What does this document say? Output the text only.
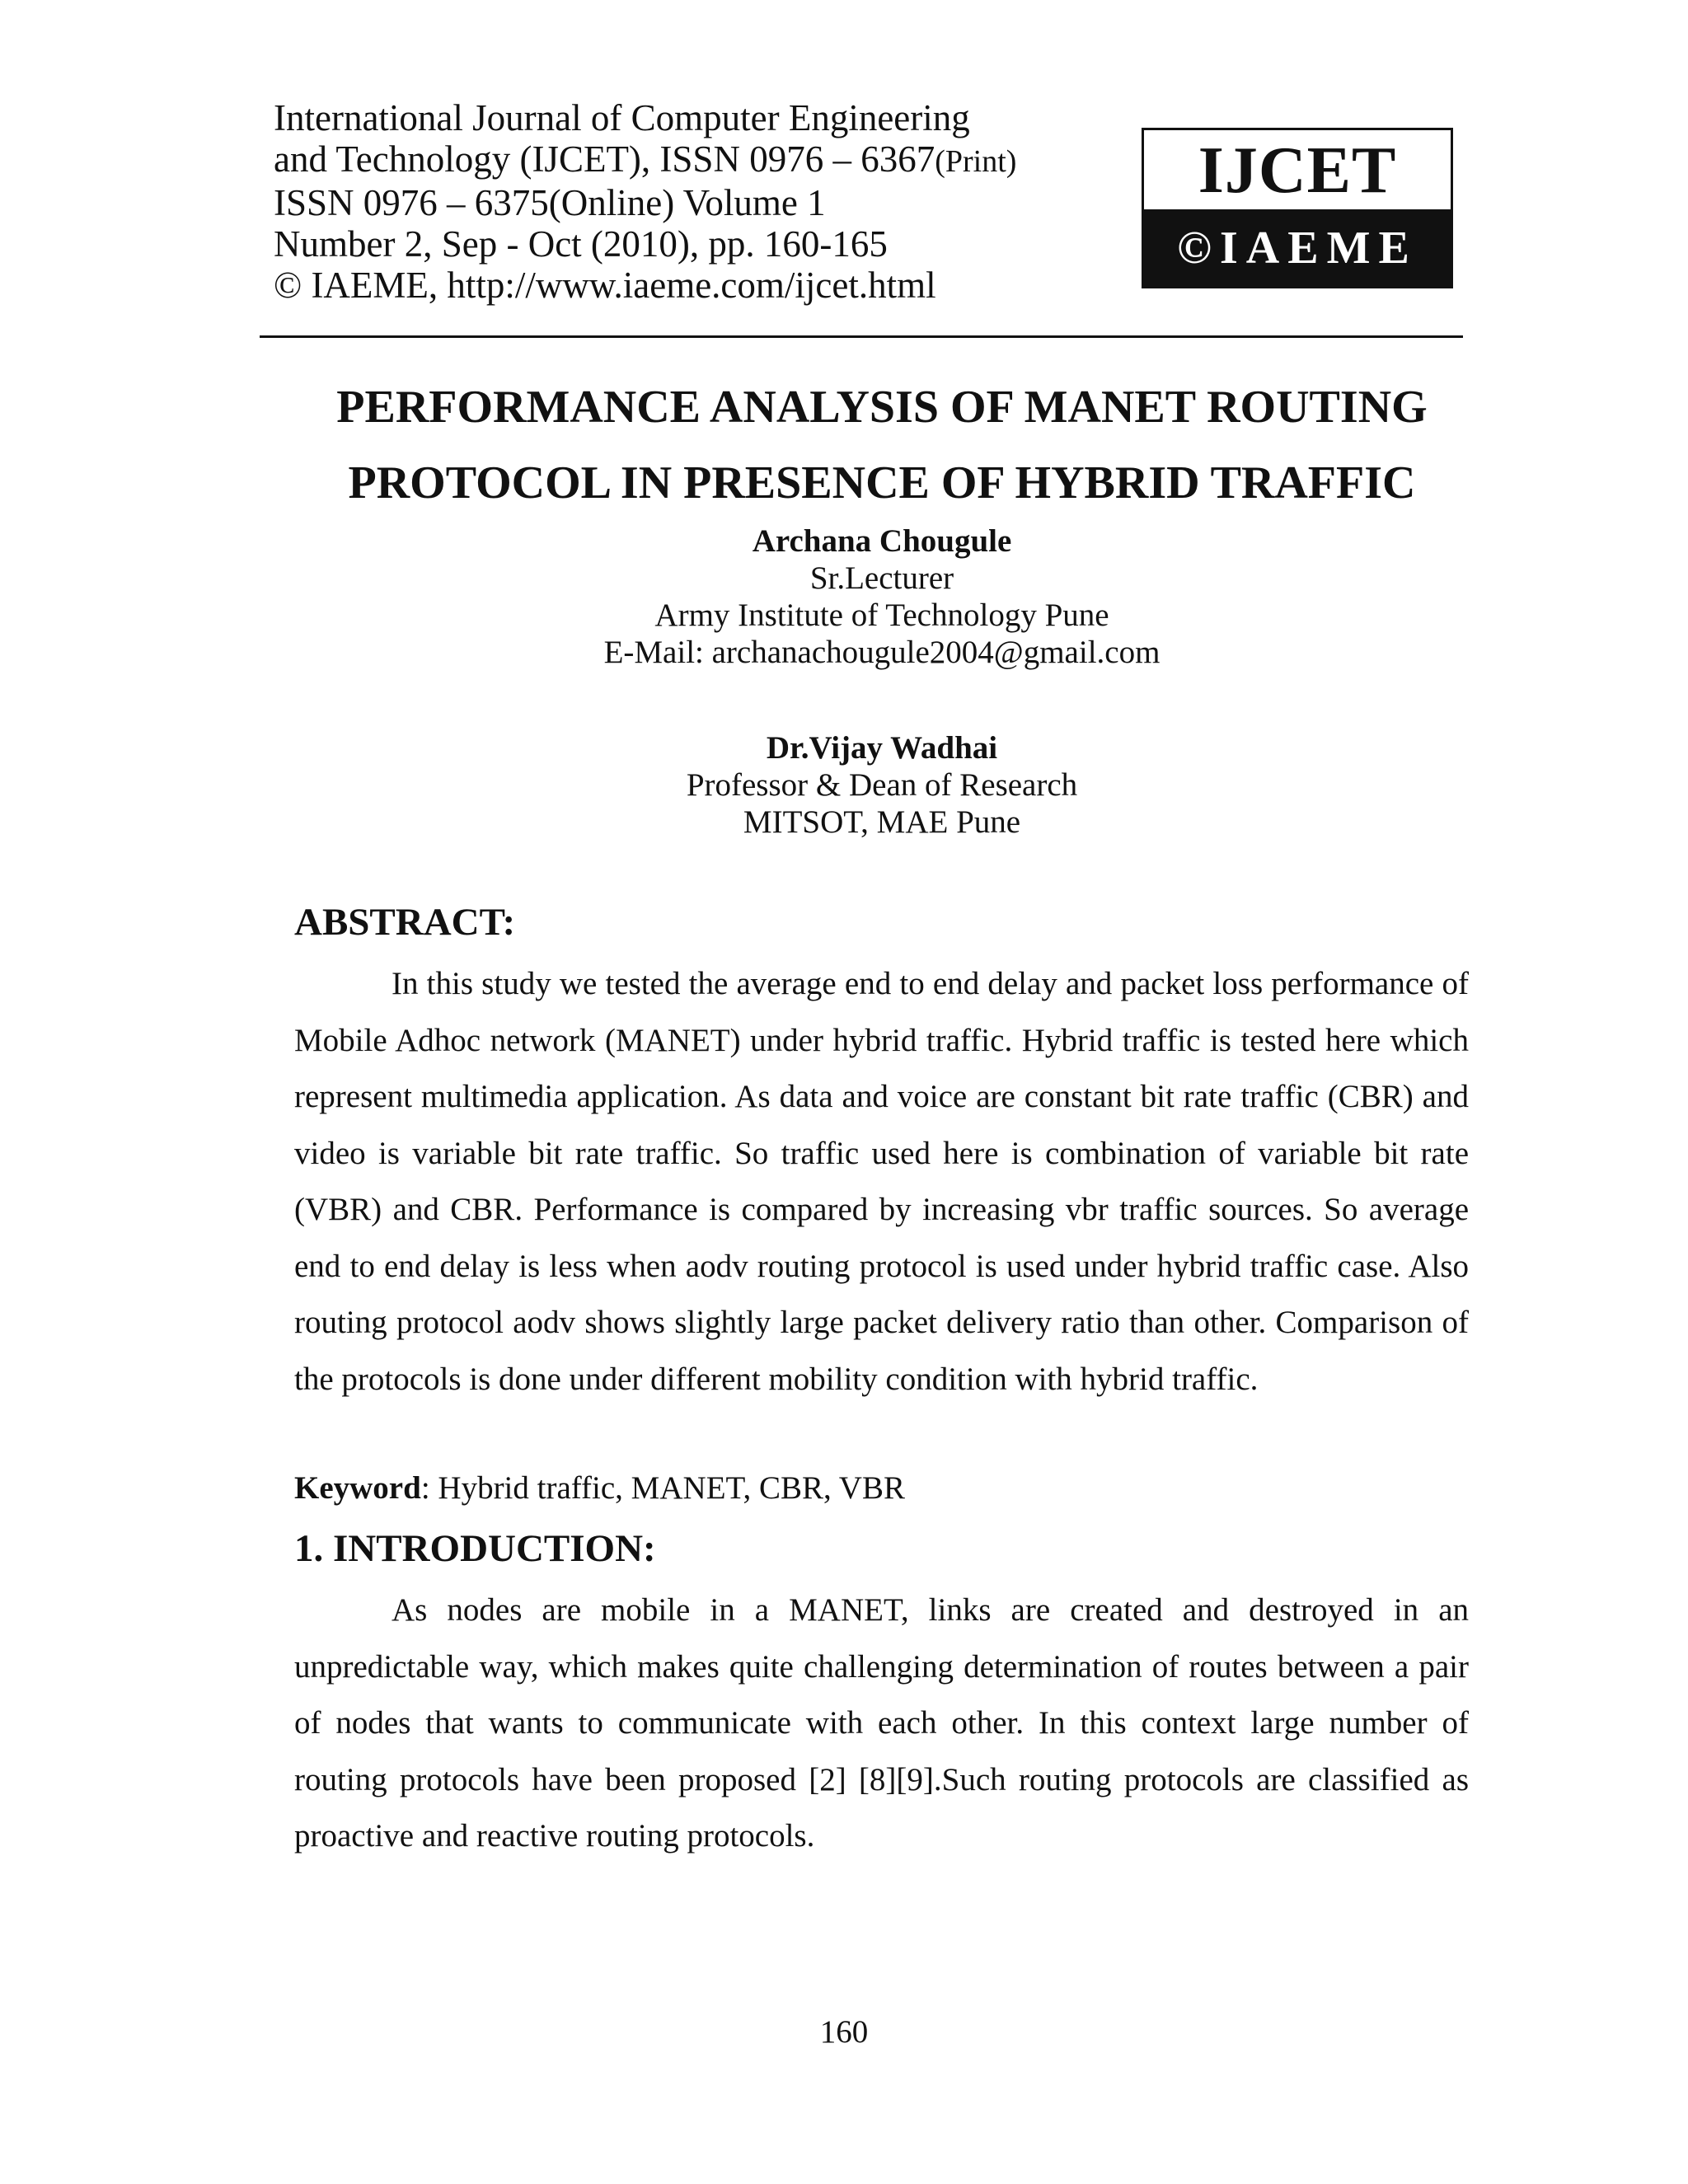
International Journal of Computer Engineering
and Technology (IJCET), ISSN 0976 – 6367(Print)
ISSN 0976 – 6375(Online) Volume 1
Number 2, Sep - Oct (2010), pp. 160-165
© IAEME, http://www.iaeme.com/ijcet.html
IJCET
©IAEME
PERFORMANCE ANALYSIS OF MANET ROUTING
PROTOCOL IN PRESENCE OF HYBRID TRAFFIC
Archana Chougule
Sr.Lecturer
Army Institute of Technology Pune
E-Mail: archanachougule2004@gmail.com
Dr.Vijay Wadhai
Professor & Dean of Research
MITSOT, MAE Pune
ABSTRACT:
In this study we tested the average end to end delay and packet loss performance of Mobile Adhoc network (MANET) under hybrid traffic. Hybrid traffic is tested here which represent multimedia application. As data and voice are constant bit rate traffic (CBR) and video is variable bit rate traffic. So traffic used here is combination of variable bit rate (VBR) and CBR. Performance is compared by increasing vbr traffic sources. So average end to end delay is less when aodv routing protocol is used under hybrid traffic case. Also routing protocol aodv shows slightly large packet delivery ratio than other. Comparison of the protocols is done under different mobility condition with hybrid traffic.
Keyword: Hybrid traffic, MANET, CBR, VBR
1. INTRODUCTION:
As nodes are mobile in a MANET, links are created and destroyed in an unpredictable way, which makes quite challenging determination of routes between a pair of nodes that wants to communicate with each other. In this context large number of routing protocols have been proposed [2] [8][9].Such routing protocols are classified as proactive and reactive routing protocols.
160
